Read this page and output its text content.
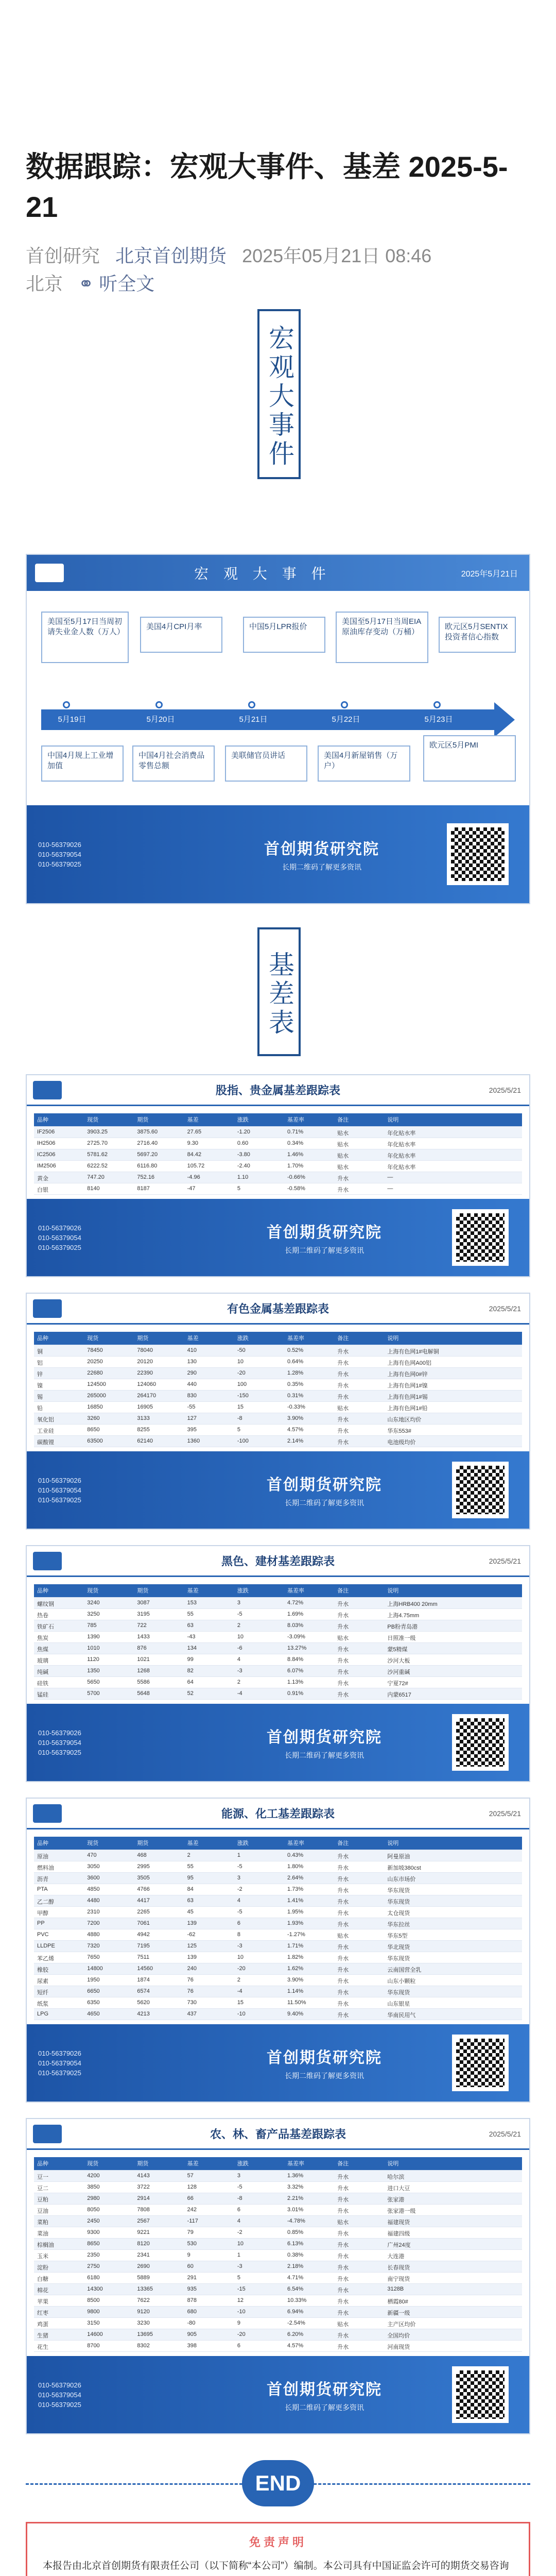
数据跟踪：宏观大事件、基差 2025-5-21
首创研究 北京首创期货 2025年05月21日 08:46
北京 ⚭ 听全文
宏观大事件
宏 观 大 事 件	2025年5月21日
美国至5月17日当周初请失业金人数（万人）
美国4月CPI月率	中国5月LPR报价
美国至5月17日当周EIA原油库存变动（万桶）
欧元区5月SENTIX投资者信心指数
5月19日	5月20日	5月21日	5月22日	5月23日
中国4月规上工业增加值
中国4月社会消费品零售总额
美联储官员讲话	美国4月新屋销售（万户）
欧元区5月PMI
010-56379026
010-56379054
010-56379025
首创期货研究院
长期二维码了解更多资讯
基差表
股指、贵金属基差跟踪表	2025/5/21
品种	现货	期货	基差	涨跌	基差率	备注	说明
IF2506	3903.25	3875.60	27.65	-1.20	0.71%	贴水	年化贴水率
IH2506	2725.70	2716.40	9.30	0.60	0.34%	贴水	年化贴水率
IC2506	5781.62	5697.20	84.42	-3.80	1.46%	贴水	年化贴水率
IM2506	6222.52	6116.80	105.72	-2.40	1.70%	贴水	年化贴水率
黄金	747.20	752.16	-4.96	1.10	-0.66%	升水	—
白银	8140	8187	-47	5	-0.58%	升水	—
010-56379026
010-56379054
010-56379025
首创期货研究院
长期二维码了解更多资讯
有色金属基差跟踪表	2025/5/21
品种	现货	期货	基差	涨跌	基差率	备注	说明
铜	78450	78040	410	-50	0.52%	升水	上海有色网1#电解铜
铝	20250	20120	130	10	0.64%	升水	上海有色网A00铝
锌	22680	22390	290	-20	1.28%	升水	上海有色网0#锌
镍	124500	124060	440	100	0.35%	升水	上海有色网1#镍
锡	265000	264170	830	-150	0.31%	升水	上海有色网1#锡
铅	16850	16905	-55	15	-0.33%	贴水	上海有色网1#铅
氧化铝	3260	3133	127	-8	3.90%	升水	山东地区均价
工业硅	8650	8255	395	5	4.57%	升水	华东553#
碳酸锂	63500	62140	1360	-100	2.14%	升水	电池级均价
010-56379026
010-56379054
010-56379025
首创期货研究院
长期二维码了解更多资讯
黑色、建材基差跟踪表	2025/5/21
品种	现货	期货	基差	涨跌	基差率	备注	说明
螺纹钢	3240	3087	153	3	4.72%	升水	上海HRB400 20mm
热卷	3250	3195	55	-5	1.69%	升水	上海4.75mm
铁矿石	785	722	63	2	8.03%	升水	PB粉青岛港
焦炭	1390	1433	-43	10	-3.09%	贴水	日照准一级
焦煤	1010	876	134	-6	13.27%	升水	蒙5精煤
玻璃	1120	1021	99	4	8.84%	升水	沙河大板
纯碱	1350	1268	82	-3	6.07%	升水	沙河重碱
硅铁	5650	5586	64	2	1.13%	升水	宁夏72#
锰硅	5700	5648	52	-4	0.91%	升水	内蒙6517
010-56379026
010-56379054
010-56379025
首创期货研究院
长期二维码了解更多资讯
能源、化工基差跟踪表	2025/5/21
品种	现货	期货	基差	涨跌	基差率	备注	说明
原油	470	468	2	1	0.43%	升水	阿曼原油
燃料油	3050	2995	55	-5	1.80%	升水	新加坡380cst
沥青	3600	3505	95	3	2.64%	升水	山东市场价
PTA	4850	4766	84	-2	1.73%	升水	华东现货
乙二醇	4480	4417	63	4	1.41%	升水	华东现货
甲醇	2310	2265	45	-5	1.95%	升水	太仓现货
PP	7200	7061	139	6	1.93%	升水	华东拉丝
PVC	4880	4942	-62	8	-1.27%	贴水	华东5型
LLDPE	7320	7195	125	-3	1.71%	升水	华北现货
苯乙烯	7650	7511	139	10	1.82%	升水	华东现货
橡胶	14800	14560	240	-20	1.62%	升水	云南国营全乳
尿素	1950	1874	76	2	3.90%	升水	山东小颗粒
短纤	6650	6574	76	-4	1.14%	升水	华东现货
纸浆	6350	5620	730	15	11.50%	升水	山东银星
LPG	4650	4213	437	-10	9.40%	升水	华南民用气
010-56379026
010-56379054
010-56379025
首创期货研究院
长期二维码了解更多资讯
农、林、畜产品基差跟踪表	2025/5/21
品种	现货	期货	基差	涨跌	基差率	备注	说明
豆一	4200	4143	57	3	1.36%	升水	哈尔滨
豆二	3850	3722	128	-5	3.32%	升水	进口大豆
豆粕	2980	2914	66	-8	2.21%	升水	张家港
豆油	8050	7808	242	6	3.01%	升水	张家港一级
菜粕	2450	2567	-117	4	-4.78%	贴水	福建现货
菜油	9300	9221	79	-2	0.85%	升水	福建四级
棕榈油	8650	8120	530	10	6.13%	升水	广州24度
玉米	2350	2341	9	1	0.38%	升水	大连港
淀粉	2750	2690	60	-3	2.18%	升水	长春现货
白糖	6180	5889	291	5	4.71%	升水	南宁现货
棉花	14300	13365	935	-15	6.54%	升水	3128B
苹果	8500	7622	878	12	10.33%	升水	栖霞80#
红枣	9800	9120	680	-10	6.94%	升水	新疆一级
鸡蛋	3150	3230	-80	9	-2.54%	贴水	主产区均价
生猪	14600	13695	905	-20	6.20%	升水	全国均价
花生	8700	8302	398	6	4.57%	升水	河南现货
010-56379026
010-56379054
010-56379025
首创期货研究院
长期二维码了解更多资讯
END
免责声明
本报告由北京首创期货有限责任公司（以下简称“本公司”）编制。本公司具有中国证监会许可的期货交易咨询
